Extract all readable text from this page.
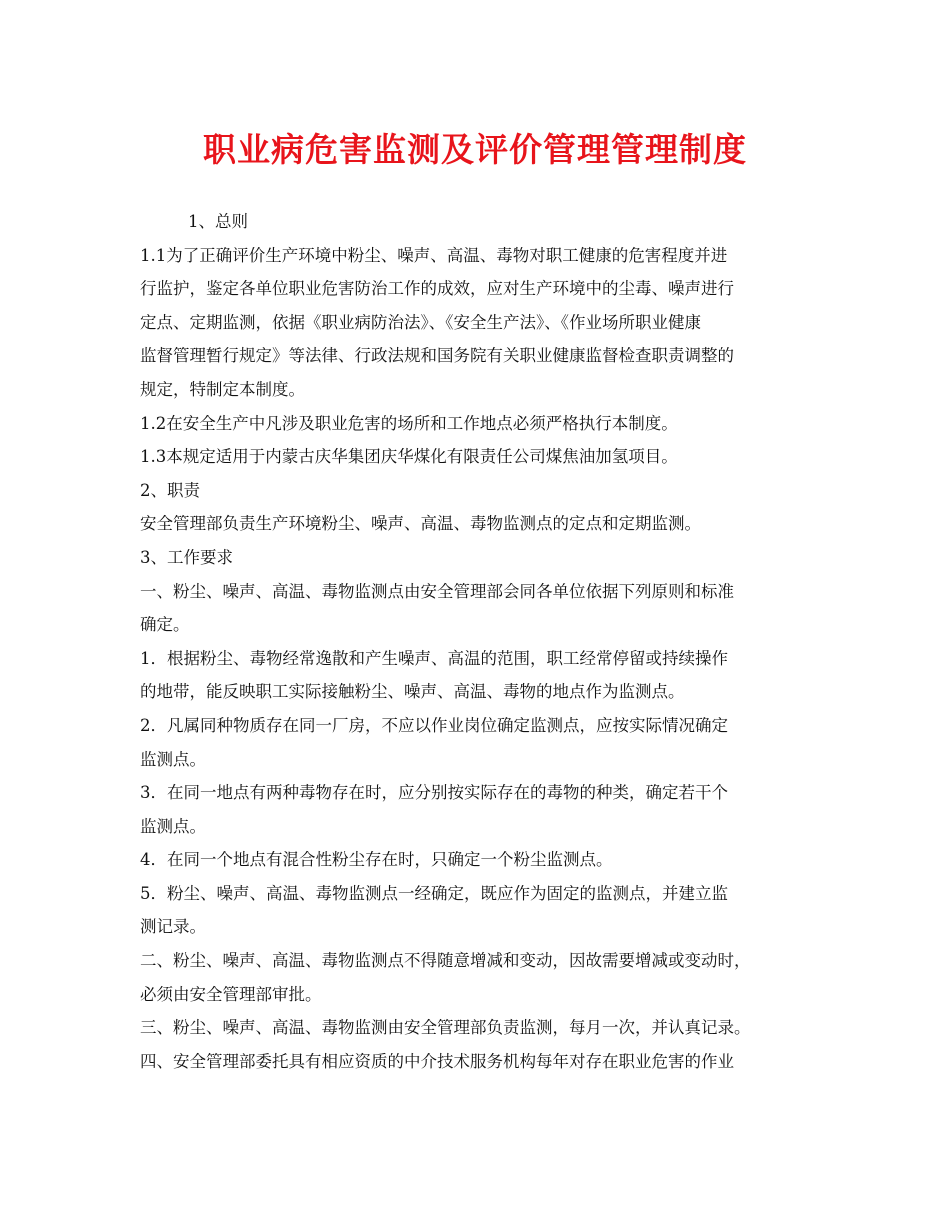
职业病危害监测及评价管理管理制度
1、总则
1.1为了正确评价生产环境中粉尘、噪声、高温、毒物对职工健康的危害程度并进
行监护，鉴定各单位职业危害防治工作的成效，应对生产环境中的尘毒、噪声进行
定点、定期监测，依据《职业病防治法》、《安全生产法》、《作业场所职业健康
监督管理暂行规定》等法律、行政法规和国务院有关职业健康监督检查职责调整的
规定，特制定本制度。
1.2在安全生产中凡涉及职业危害的场所和工作地点必须严格执行本制度。
1.3本规定适用于内蒙古庆华集团庆华煤化有限责任公司煤焦油加氢项目。
2、职责
安全管理部负责生产环境粉尘、噪声、高温、毒物监测点的定点和定期监测。
3、工作要求
一、粉尘、噪声、高温、毒物监测点由安全管理部会同各单位依据下列原则和标准
确定。
1．根据粉尘、毒物经常逸散和产生噪声、高温的范围，职工经常停留或持续操作
的地带，能反映职工实际接触粉尘、噪声、高温、毒物的地点作为监测点。
2．凡属同种物质存在同一厂房，不应以作业岗位确定监测点，应按实际情况确定
监测点。
3．在同一地点有两种毒物存在时，应分别按实际存在的毒物的种类，确定若干个
监测点。
4．在同一个地点有混合性粉尘存在时，只确定一个粉尘监测点。
5．粉尘、噪声、高温、毒物监测点一经确定，既应作为固定的监测点，并建立监
测记录。
二、粉尘、噪声、高温、毒物监测点不得随意增减和变动，因故需要增减或变动时，
必须由安全管理部审批。
三、粉尘、噪声、高温、毒物监测由安全管理部负责监测，每月一次，并认真记录。
四、安全管理部委托具有相应资质的中介技术服务机构每年对存在职业危害的作业
